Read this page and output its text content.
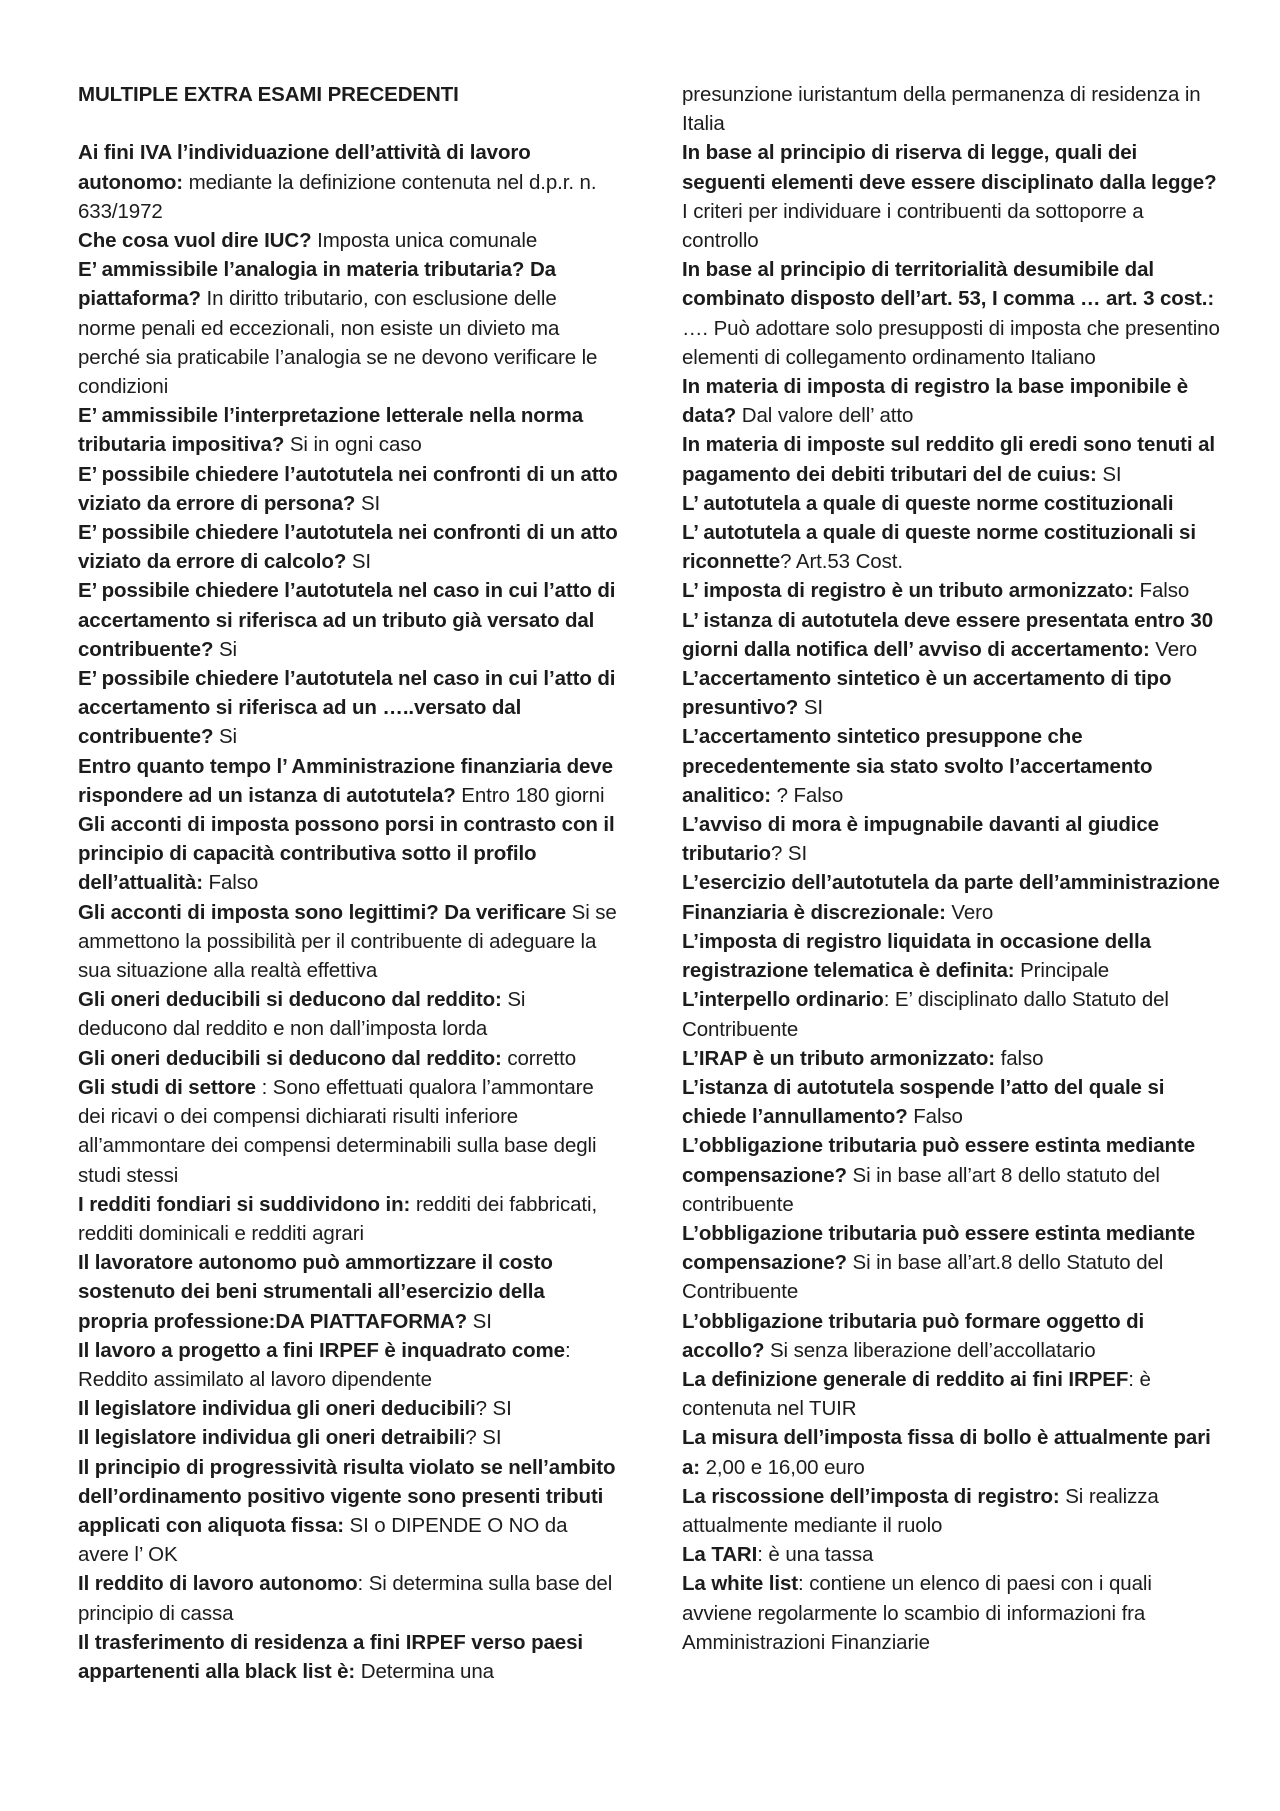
MULTIPLE EXTRA ESAMI PRECEDENTI
Ai fini IVA l’individuazione dell’attività di lavoro autonomo: mediante la definizione contenuta nel d.p.r. n. 633/1972
Che cosa vuol dire IUC? Imposta unica comunale
E’ ammissibile l’analogia in materia tributaria? Da piattaforma? In diritto tributario, con esclusione delle norme penali ed eccezionali, non esiste un divieto ma perché sia praticabile l’analogia se ne devono verificare le condizioni
E’ ammissibile l’interpretazione letterale nella norma tributaria impositiva? Si in ogni caso
E’ possibile chiedere l’autotutela nei confronti di un atto viziato da errore di persona? SI
E’ possibile chiedere l’autotutela nei confronti di un atto viziato da errore di calcolo? SI
E’ possibile chiedere l’autotutela nel caso in cui l’atto di accertamento si riferisca ad un tributo già versato dal contribuente? Si
E’ possibile chiedere l’autotutela nel caso in cui l’atto di accertamento si riferisca ad un …..versato dal contribuente? Si
Entro quanto tempo l’ Amministrazione finanziaria deve rispondere ad un istanza di autotutela? Entro 180 giorni
Gli acconti di imposta possono porsi in contrasto con il principio di capacità contributiva sotto il profilo dell’attualità: Falso
Gli acconti di imposta sono legittimi? Da verificare Si se ammettono la possibilità per il contribuente di adeguare la sua situazione alla realtà effettiva
Gli oneri deducibili si deducono dal reddito: Si deducono dal reddito e non dall’imposta lorda
Gli oneri deducibili si deducono dal reddito: corretto
Gli studi di settore : Sono effettuati qualora l’ammontare dei ricavi o dei compensi dichiarati risulti inferiore all’ammontare dei compensi determinabili sulla base degli studi stessi
I redditi fondiari si suddividono in: redditi dei fabbricati, redditi dominicali e redditi agrari
Il lavoratore autonomo può ammortizzare il costo sostenuto dei beni strumentali all’esercizio della propria professione:DA PIATTAFORMA? SI
Il lavoro a progetto a fini IRPEF è inquadrato come: Reddito assimilato al lavoro dipendente
Il legislatore individua gli oneri deducibili? SI
Il legislatore individua gli oneri detraibili? SI
Il principio di progressività risulta violato se nell’ambito dell’ordinamento positivo vigente sono presenti tributi applicati con aliquota fissa: SI o DIPENDE O NO da avere l’ OK
Il reddito di lavoro autonomo: Si determina sulla base del principio di cassa
Il trasferimento di residenza a fini IRPEF verso paesi appartenenti alla black list è: Determina una
presunzione iuristantum della permanenza di residenza in Italia
In base al principio di riserva di legge, quali dei seguenti elementi deve essere disciplinato dalla legge? I criteri per individuare i contribuenti da sottoporre a controllo
In base al principio di territorialità desumibile dal combinato disposto dell’art. 53, I comma … art. 3 cost.: …. Può adottare solo presupposti di imposta che presentino elementi di collegamento ordinamento Italiano
In materia di imposta di registro la base imponibile è data? Dal valore dell’ atto
In materia di imposte sul reddito gli eredi sono tenuti al pagamento dei debiti tributari del de cuius: SI
L’ autotutela a quale di queste norme costituzionali
L’ autotutela a quale di queste norme costituzionali si riconnette? Art.53 Cost.
L’ imposta di registro è un tributo armonizzato: Falso
L’ istanza di autotutela deve essere presentata entro 30 giorni dalla notifica dell’ avviso di accertamento: Vero
L’accertamento sintetico è un accertamento di tipo presuntivo? SI
L’accertamento sintetico presuppone che precedentemente sia stato svolto l’accertamento analitico: ? Falso
L’avviso di mora è impugnabile davanti al giudice tributario? SI
L’esercizio dell’autotutela da parte dell’amministrazione Finanziaria è discrezionale: Vero
L’imposta di registro liquidata in occasione della registrazione telematica è definita: Principale
L’interpello ordinario: E’ disciplinato dallo Statuto del Contribuente
L’IRAP è un tributo armonizzato: falso
L’istanza di autotutela sospende l’atto del quale si chiede l’annullamento? Falso
L’obbligazione tributaria può essere estinta mediante compensazione? Si in base all’art 8 dello statuto del contribuente
L’obbligazione tributaria può essere estinta mediante compensazione? Si in base all’art.8 dello Statuto del Contribuente
L’obbligazione tributaria può formare oggetto di accollo? Si senza liberazione dell’accollatario
La definizione generale di reddito ai fini IRPEF: è contenuta nel TUIR
La misura dell’imposta fissa di bollo è attualmente pari a: 2,00 e 16,00 euro
La riscossione dell’imposta di registro: Si realizza attualmente mediante il ruolo
La TARI: è una tassa
La white list: contiene un elenco di paesi con i quali avviene regolarmente lo scambio di informazioni fra Amministrazioni Finanziarie
